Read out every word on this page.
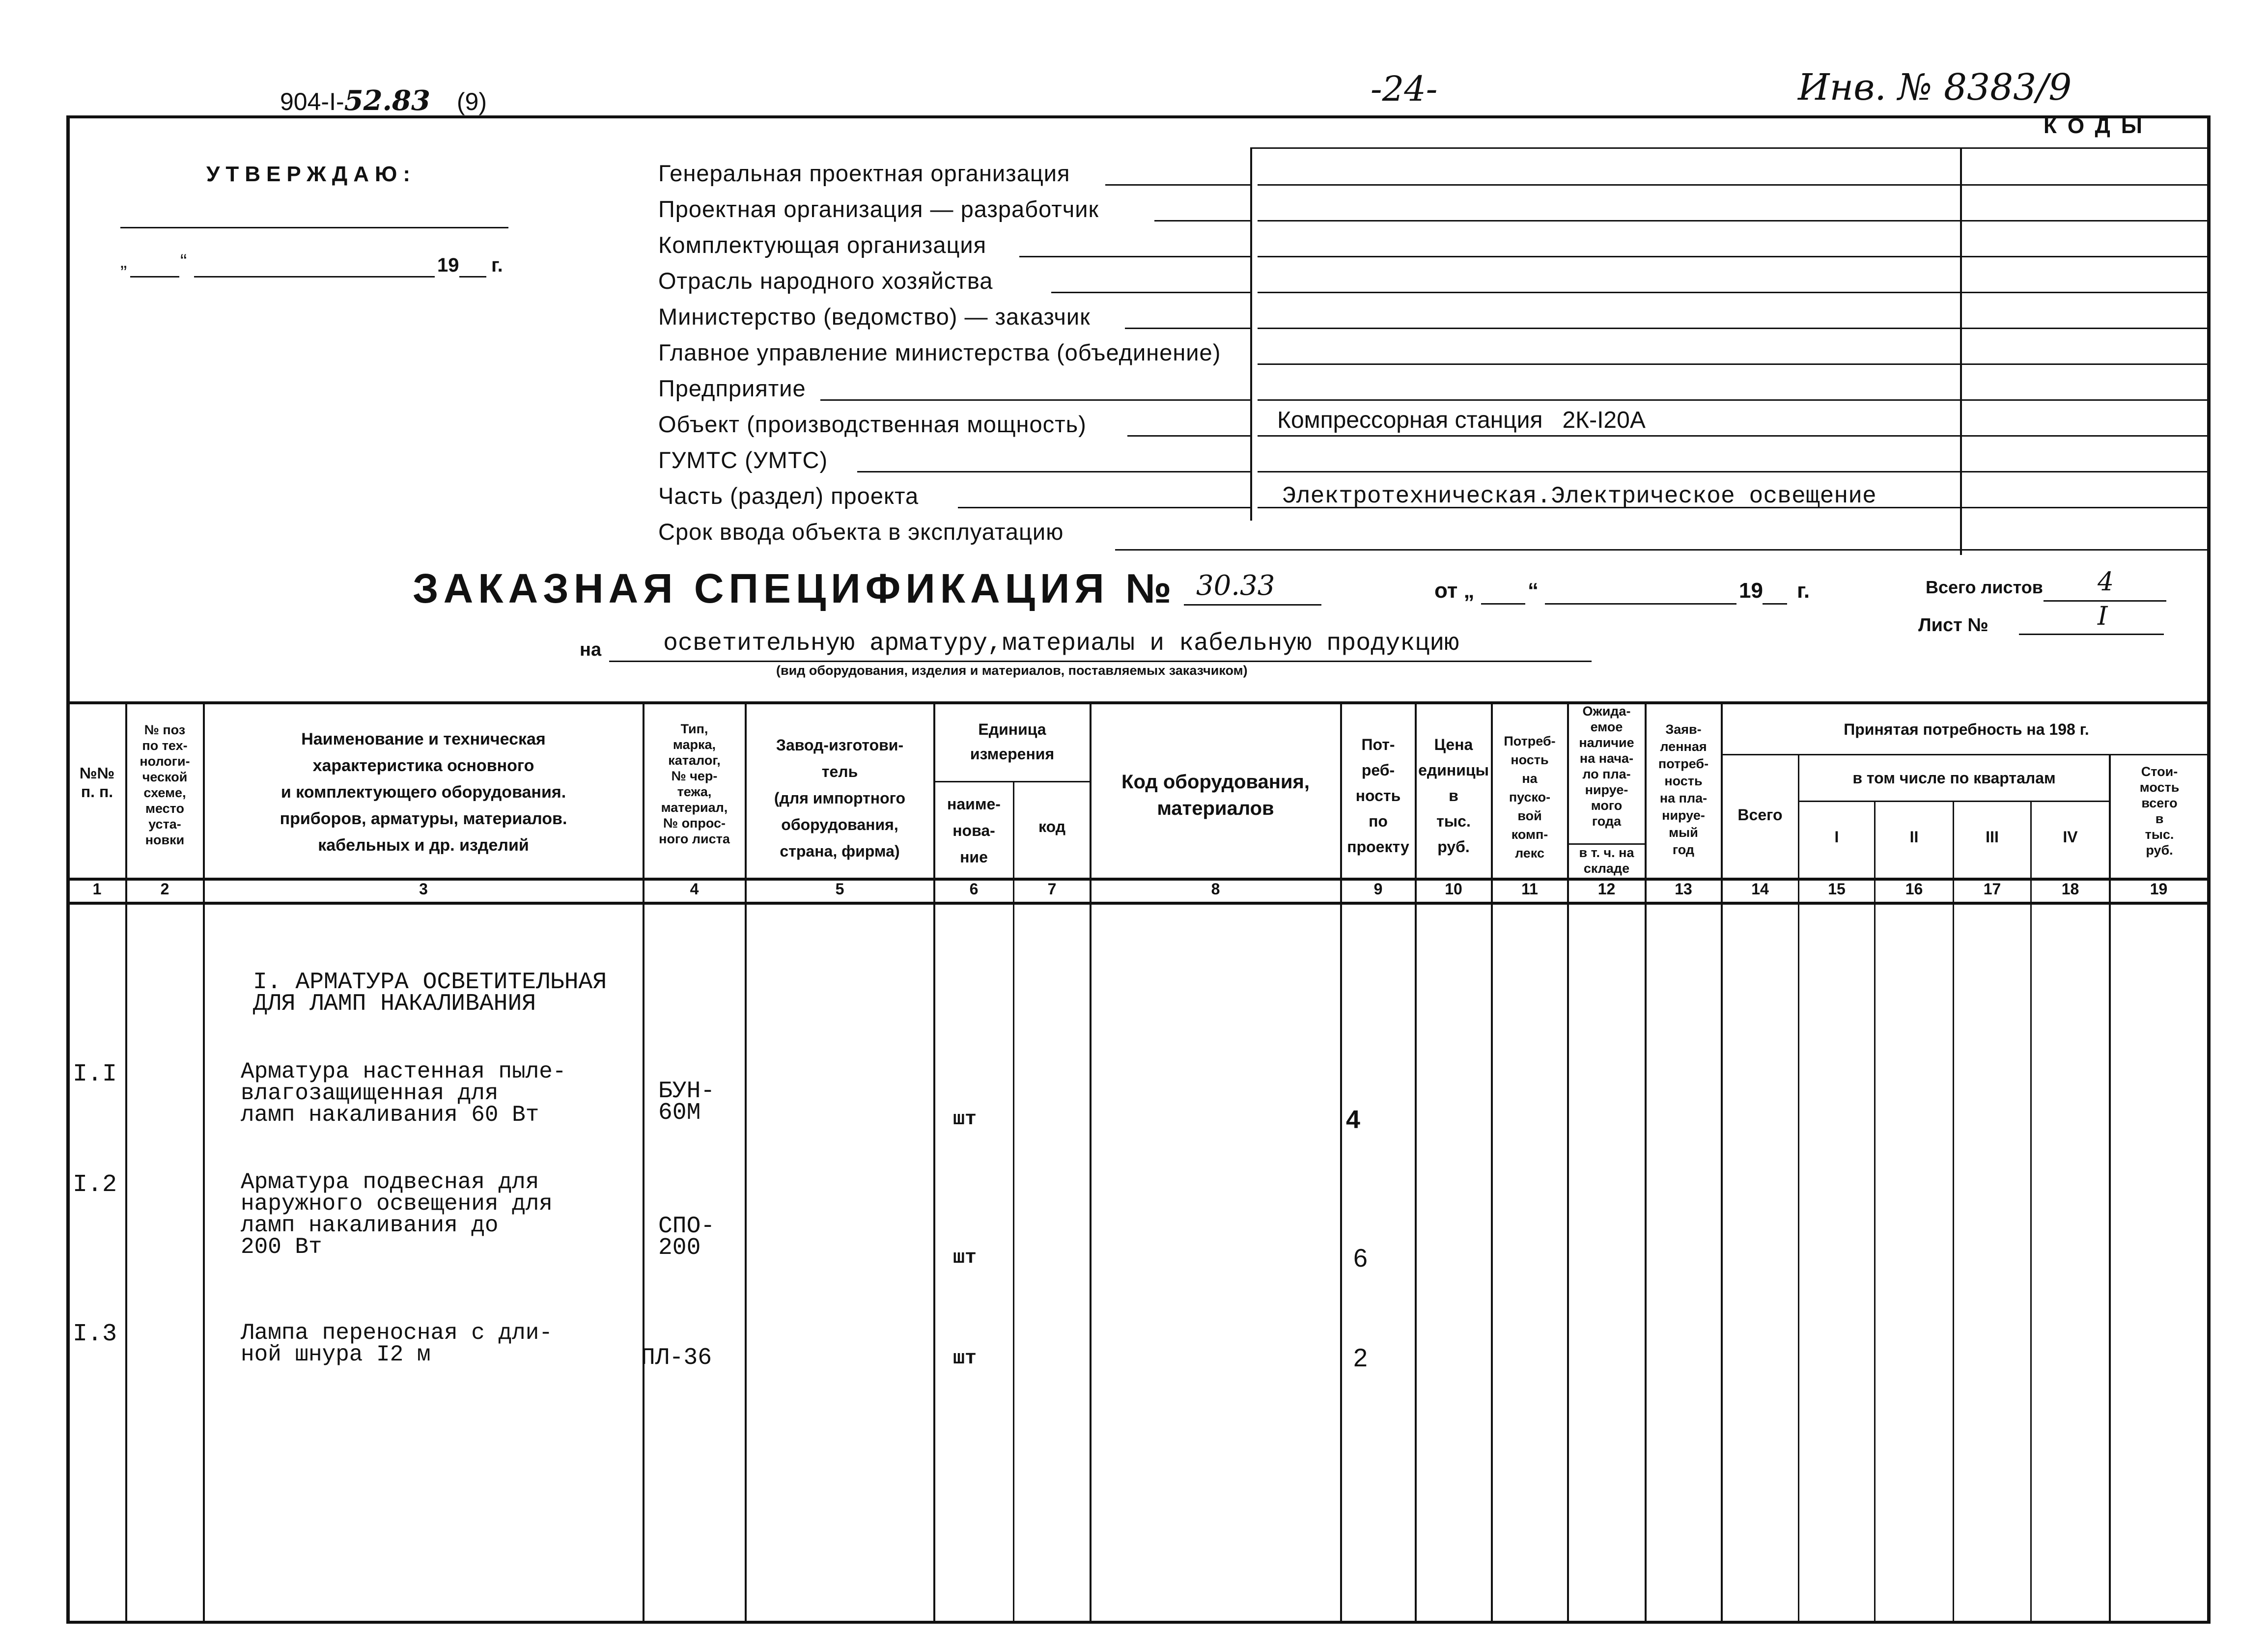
904-I-52.83 (9)	-24-	Инв. № 8383/9
УТВЕРЖДАЮ:
„	“	19 г.
КОДЫ
Генеральная проектная организация
Проектная организация — разработчик
Комплектующая организация
Отрасль народного хозяйства
Министерство (ведомство) — заказчик
Главное управление министерства (объединение)
Предприятие
Объект (производственная мощность)
ГУМТС (УМТС)
Часть (раздел) проекта
Срок ввода объекта в эксплуатацию
Компрессорная станция   2К-I20А
Электротехническая.Электрическое освещение
ЗАКАЗНАЯ СПЕЦИФИКАЦИЯ № 30.33	от „ “	19 г.	Всего листов 4
Лист №	I
на	осветительную арматуру,материалы и кабельную продукцию
(вид оборудования, изделия и материалов, поставляемых заказчиком)
№№
п. п.
№ поз
по тех-
нологи-
ческой
схеме,
место
уста-
новки
Наименование и техническая
характеристика основного
и комплектующего оборудования.
приборов, арматуры, материалов.
кабельных и др. изделий
Тип,
марка,
каталог,
№ чер-
тежа,
материал,
№ опрос-
ного листа
Завод-изготови-
тель
(для импортного
оборудования,
страна, фирма)
Единица
измерения
наиме-
нова-
ние
код
Код оборудования,
материалов
Пот-
реб-
ность
по
проекту
Цена
единицы
в
тыс.
руб.
Потреб-
ность
на
пуско-
вой
комп-
лекс
Ожида-
емое
наличие
на нача-
ло пла-
нируе-
мого
года
в т. ч. на
складе
Заяв-
ленная
потреб-
ность
на пла-
нируе-
мый
год
Принятая потребность на 198 г.
в том числе по кварталам
Всего
I	II	III	IV
Стои-
мость
всего
в
тыс.
руб.
1	2	3	4	5	6	7	8	9	10	11	12	13	14	15	16	17	18	19
I. АРМАТУРА ОСВЕТИТЕЛЬНАЯ
ДЛЯ ЛАМП НАКАЛИВАНИЯ
I.I	Арматура настенная пыле-
влагозащищенная для
ламп накаливания 60 Вт
БУН-
60М	шт	4
I.2	Арматура подвесная для
наружного освещения для
ламп накаливания до
200 Вт
СПО-
200	шт	6
I.3	Лампа переносная с дли-
ной шнура I2 м	ПЛ-36	шт	2
